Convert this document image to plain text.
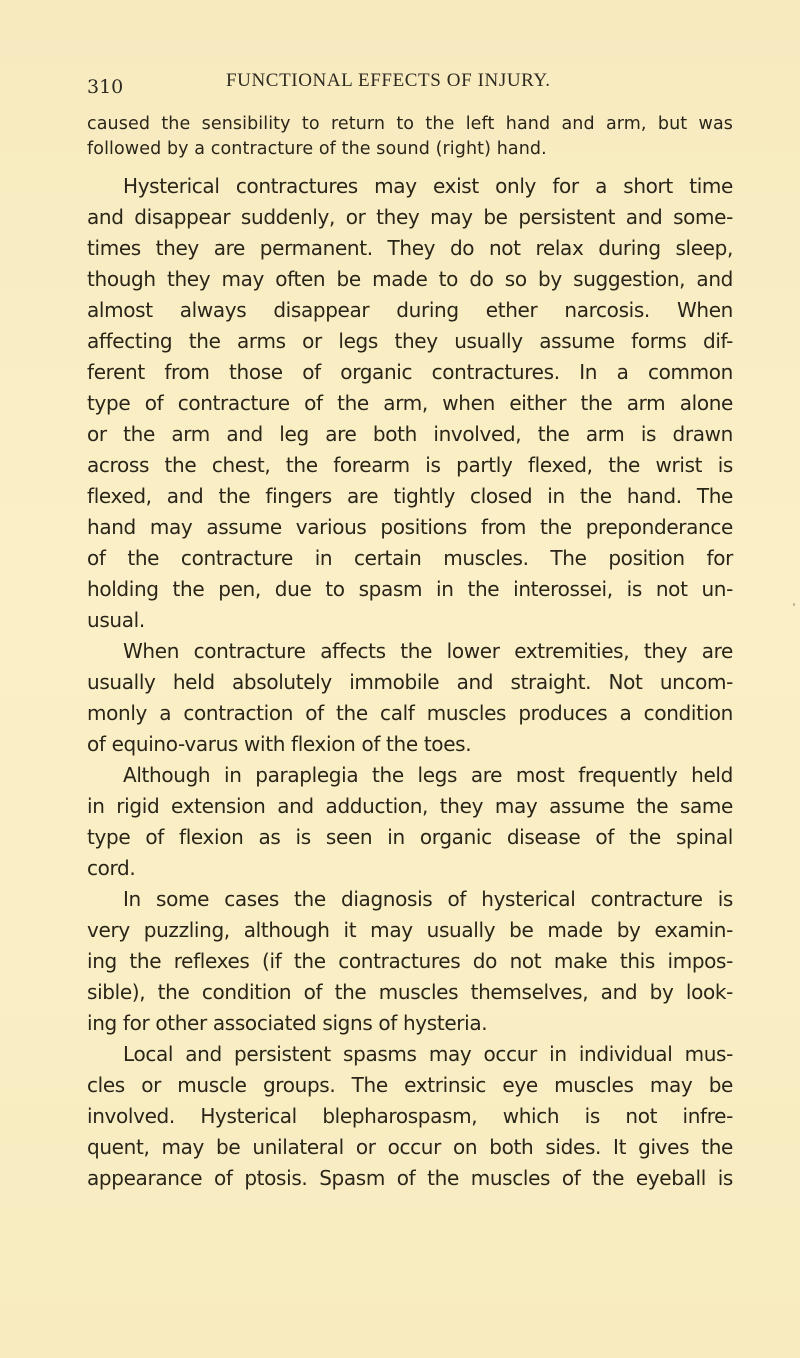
310	FUNCTIONAL EFFECTS OF INJURY.
caused the sensibility to return to the left hand and arm, but was
followed by a contracture of the sound (right) hand.
Hysterical contractures may exist only for a short time
and disappear suddenly, or they may be persistent and some-
times they are permanent. They do not relax during sleep,
though they may often be made to do so by suggestion, and
almost always disappear during ether narcosis. When
affecting the arms or legs they usually assume forms dif-
ferent from those of organic contractures. In a common
type of contracture of the arm, when either the arm alone
or the arm and leg are both involved, the arm is drawn
across the chest, the forearm is partly flexed, the wrist is
flexed, and the fingers are tightly closed in the hand. The
hand may assume various positions from the preponderance
of the contracture in certain muscles. The position for
holding the pen, due to spasm in the interossei, is not un-
usual.
When contracture affects the lower extremities, they are
usually held absolutely immobile and straight. Not uncom-
monly a contraction of the calf muscles produces a condition
of equino-varus with flexion of the toes.
Although in paraplegia the legs are most frequently held
in rigid extension and adduction, they may assume the same
type of flexion as is seen in organic disease of the spinal
cord.
In some cases the diagnosis of hysterical contracture is
very puzzling, although it may usually be made by examin-
ing the reflexes (if the contractures do not make this impos-
sible), the condition of the muscles themselves, and by look-
ing for other associated signs of hysteria.
Local and persistent spasms may occur in individual mus-
cles or muscle groups. The extrinsic eye muscles may be
involved. Hysterical blepharospasm, which is not infre-
quent, may be unilateral or occur on both sides. It gives the
appearance of ptosis. Spasm of the muscles of the eyeball is
